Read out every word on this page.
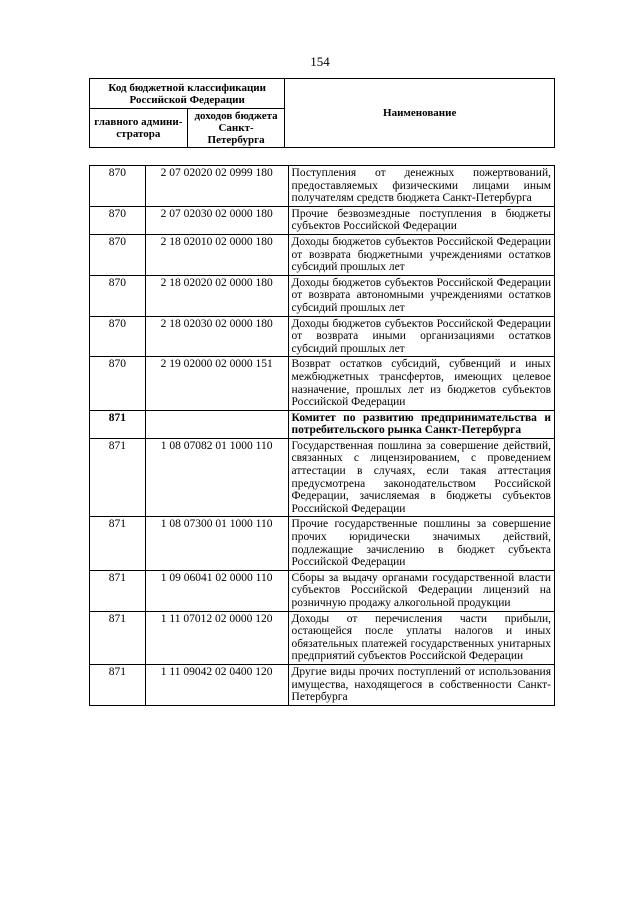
154
Код бюджетной классификации Российской Федерации		Наименование
главного админи-стратора	доходов бюджета Санкт-Петербурга	
870	2 07 02020 02 0999 180	Поступления от денежных пожертвований, предоставляемых физическими лицами иным получателям средств бюджета Санкт-Петербурга
870	2 07 02030 02 0000 180	Прочие безвозмездные поступления в бюджеты субъектов Российской Федерации
870	2 18 02010 02 0000 180	Доходы бюджетов субъектов Российской Федерации от возврата бюджетными учреждениями остатков субсидий прошлых лет
870	2 18 02020 02 0000 180	Доходы бюджетов субъектов Российской Федерации от возврата автономными учреждениями остатков субсидий прошлых лет
870	2 18 02030 02 0000 180	Доходы бюджетов субъектов Российской Федерации от возврата иными организациями остатков субсидий прошлых лет
870	2 19 02000 02 0000 151	Возврат остатков субсидий, субвенций и иных межбюджетных трансфертов, имеющих целевое назначение, прошлых лет из бюджетов субъектов Российской Федерации
871		Комитет по развитию предпринимательства и потребительского рынка Санкт-Петербурга
871	1 08 07082 01 1000 110	Государственная пошлина за совершение действий, связанных с лицензированием, с проведением аттестации в случаях, если такая аттестация предусмотрена законодательством Российской Федерации, зачисляемая в бюджеты субъектов Российской Федерации
871	1 08 07300 01 1000 110	Прочие государственные пошлины за совершение прочих юридически значимых действий, подлежащие зачислению в бюджет субъекта Российской Федерации
871	1 09 06041 02 0000 110	Сборы за выдачу органами государственной власти субъектов Российской Федерации лицензий на розничную продажу алкогольной продукции
871	1 11 07012 02 0000 120	Доходы от перечисления части прибыли, остающейся после уплаты налогов и иных обязательных платежей государственных унитарных предприятий субъектов Российской Федерации
871	1 11 09042 02 0400 120	Другие виды прочих поступлений от использования имущества, находящегося в собственности Санкт-Петербурга
